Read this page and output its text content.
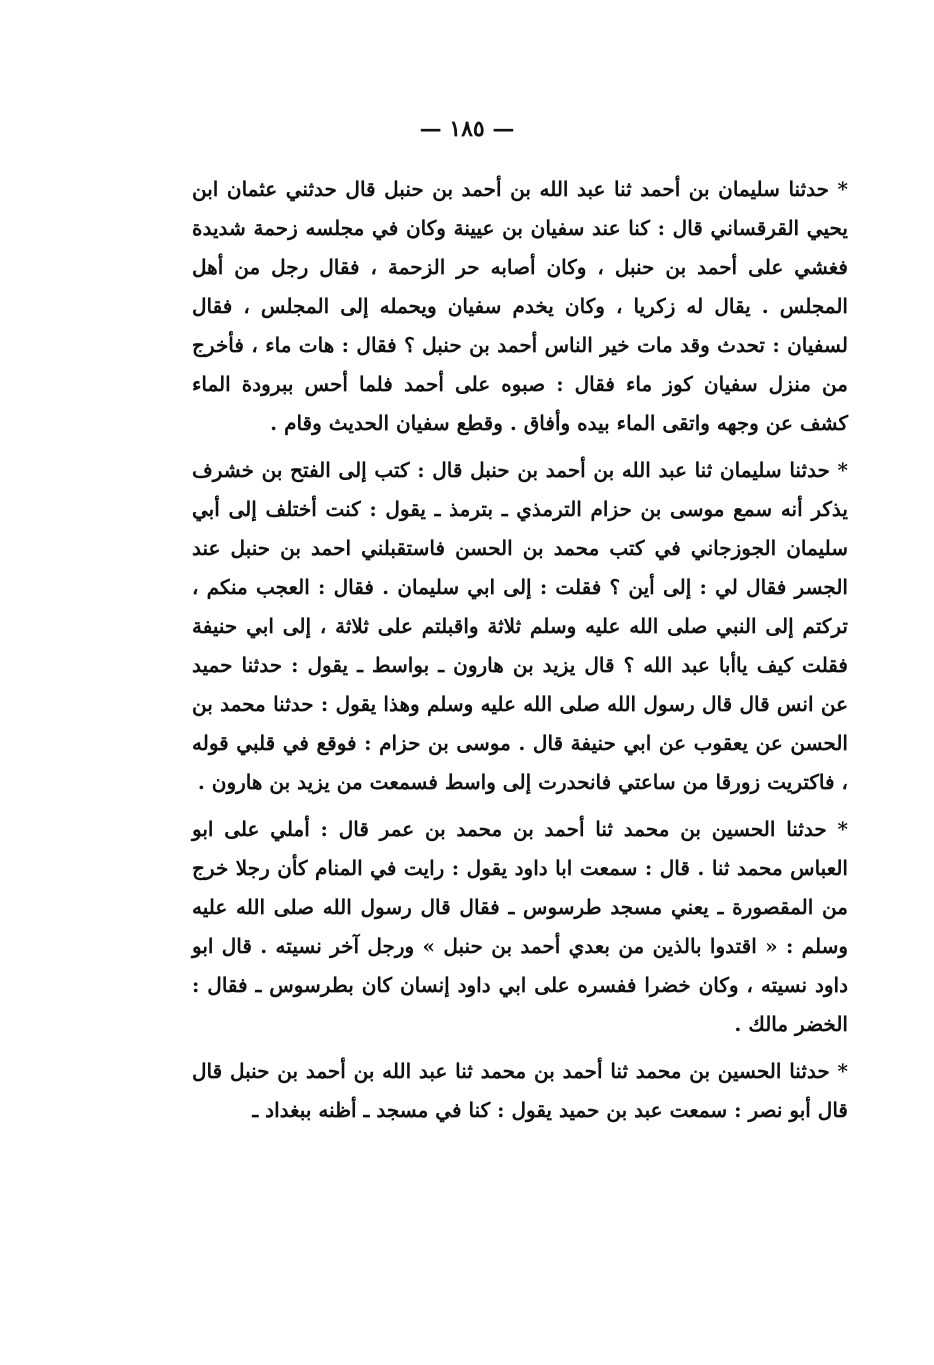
— ١٨٥ —

* حدثنا سليمان بن أحمد ثنا عبد الله بن أحمد بن حنبل قال حدثني عثمان ابن يحيي القرقساني قال : كنا عند سفيان بن عيينة وكان في مجلسه زحمة شديدة فغشي على أحمد بن حنبل ، وكان أصابه حر الزحمة ، فقال رجل من أهل المجلس . يقال له زكريا ، وكان يخدم سفيان ويحمله إلى المجلس ، فقال لسفيان : تحدث وقد مات خير الناس أحمد بن حنبل ؟ فقال : هات ماء ، فأخرج من منزل سفيان كوز ماء فقال : صبوه على أحمد فلما أحس ببرودة الماء كشف عن وجهه واتقى الماء بيده وأفاق . وقطع سفيان الحديث وقام .

* حدثنا سليمان ثنا عبد الله بن أحمد بن حنبل قال : كتب إلى الفتح بن خشرف يذكر أنه سمع موسى بن حزام الترمذي ـ بترمذ ـ يقول : كنت أختلف إلى أبي سليمان الجوزجاني في كتب محمد بن الحسن فاستقبلني احمد بن حنبل عند الجسر فقال لي : إلى أين ؟ فقلت : إلى ابي سليمان . فقال : العجب منكم ، تركتم إلى النبي صلى الله عليه وسلم ثلاثة واقبلتم على ثلاثة ، إلى ابي حنيفة فقلت كيف ياأبا عبد الله ؟ قال يزيد بن هارون ـ بواسط ـ يقول : حدثنا حميد عن انس قال قال رسول الله صلى الله عليه وسلم وهذا يقول : حدثنا محمد بن الحسن عن يعقوب عن ابي حنيفة قال . موسى بن حزام : فوقع في قلبي قوله ، فاكتريت زورقا من ساعتي فانحدرت إلى واسط فسمعت من يزيد بن هارون .

* حدثنا الحسين بن محمد ثنا أحمد بن محمد بن عمر قال : أملي على ابو العباس محمد ثنا . قال : سمعت ابا داود يقول : رايت في المنام كأن رجلا خرج من المقصورة ـ يعني مسجد طرسوس ـ فقال قال رسول الله صلى الله عليه وسلم : « اقتدوا بالذين من بعدي أحمد بن حنبل » ورجل آخر نسيته . قال ابو داود نسيته ، وكان خضرا ففسره على ابي داود إنسان كان بطرسوس ـ فقال : الخضر مالك .

* حدثنا الحسين بن محمد ثنا أحمد بن محمد ثنا عبد الله بن أحمد بن حنبل قال قال أبو نصر : سمعت عبد بن حميد يقول : كنا في مسجد ـ أظنه ببغداد ـ
